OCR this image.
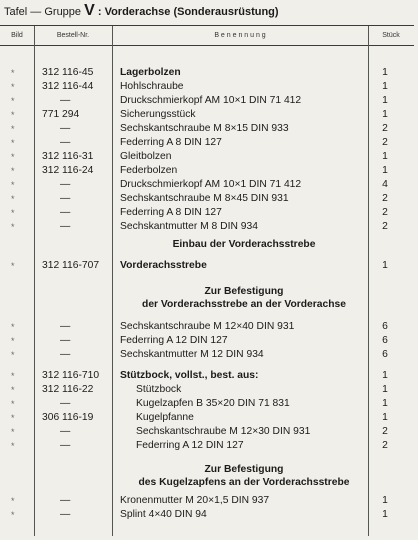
Tafel — Gruppe V : Vorderachse (Sonderausrüstung)
Bild	Bestell-Nr.	B e n e n n u n g	Stück
*	312 116-45	Lagerbolzen	1
*	312 116-44	Hohlschraube	1
*	—	Druckschmierkopf AM 10×1 DIN 71 412	1
*	771 294	Sicherungsstück	1
*	—	Sechskantschraube M 8×15 DIN 933	2
*	—	Federring A 8 DIN 127	2
*	312 116-31	Gleitbolzen	1
*	312 116-24	Federbolzen	1
*	—	Druckschmierkopf AM 10×1 DIN 71 412	4
*	—	Sechskantschraube M 8×45 DIN 931	2
*	—	Federring A 8 DIN 127	2
*	—	Sechskantmutter M 8 DIN 934	2
Einbau der Vorderachsstrebe
*	312 116-707	Vorderachsstrebe	1
Zur Befestigung
der Vorderachsstrebe an der Vorderachse
*	—	Sechskantschraube M 12×40 DIN 931	6
*	—	Federring A 12 DIN 127	6
*	—	Sechskantmutter M 12 DIN 934	6
*	312 116-710	Stützbock, vollst., best. aus:	1
*	312 116-22	Stützbock	1
*	—	Kugelzapfen B 35×20 DIN 71 831	1
*	306 116-19	Kugelpfanne	1
*	—	Sechskantschraube M 12×30 DIN 931	2
*	—	Federring A 12 DIN 127	2
Zur Befestigung
des Kugelzapfens an der Vorderachsstrebe
*	—	Kronenmutter M 20×1,5 DIN 937	1
*	—	Splint 4×40 DIN 94	1
